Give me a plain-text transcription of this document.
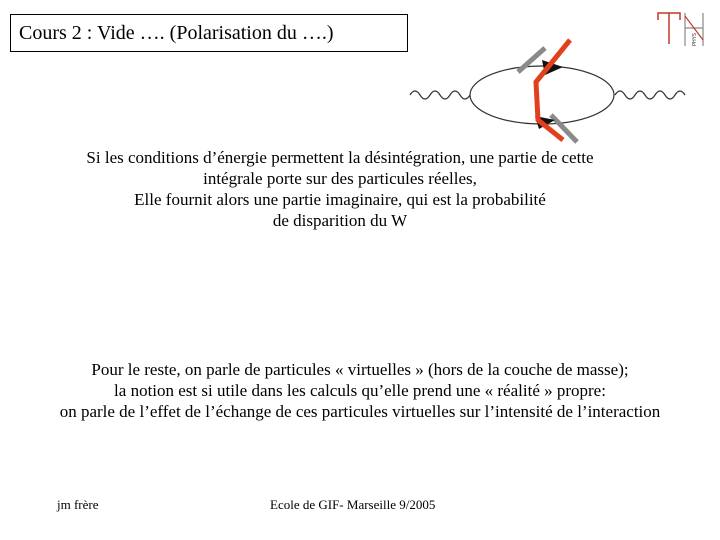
Cours 2 : Vide …. (Polarisation du ….)	PHYS
Si les conditions d’énergie permettent la désintégration, une partie de cette
intégrale porte sur des particules réelles,
Elle fournit alors une partie imaginaire, qui est la probabilité
de disparition du W
Pour le reste, on parle de particules « virtuelles » (hors de la couche de masse);
la notion est si utile dans les calculs qu’elle prend une « réalité » propre:
on parle de l’effet de l’échange de ces particules virtuelles sur l’intensité de l’interaction
jm frère	Ecole de GIF- Marseille 9/2005
